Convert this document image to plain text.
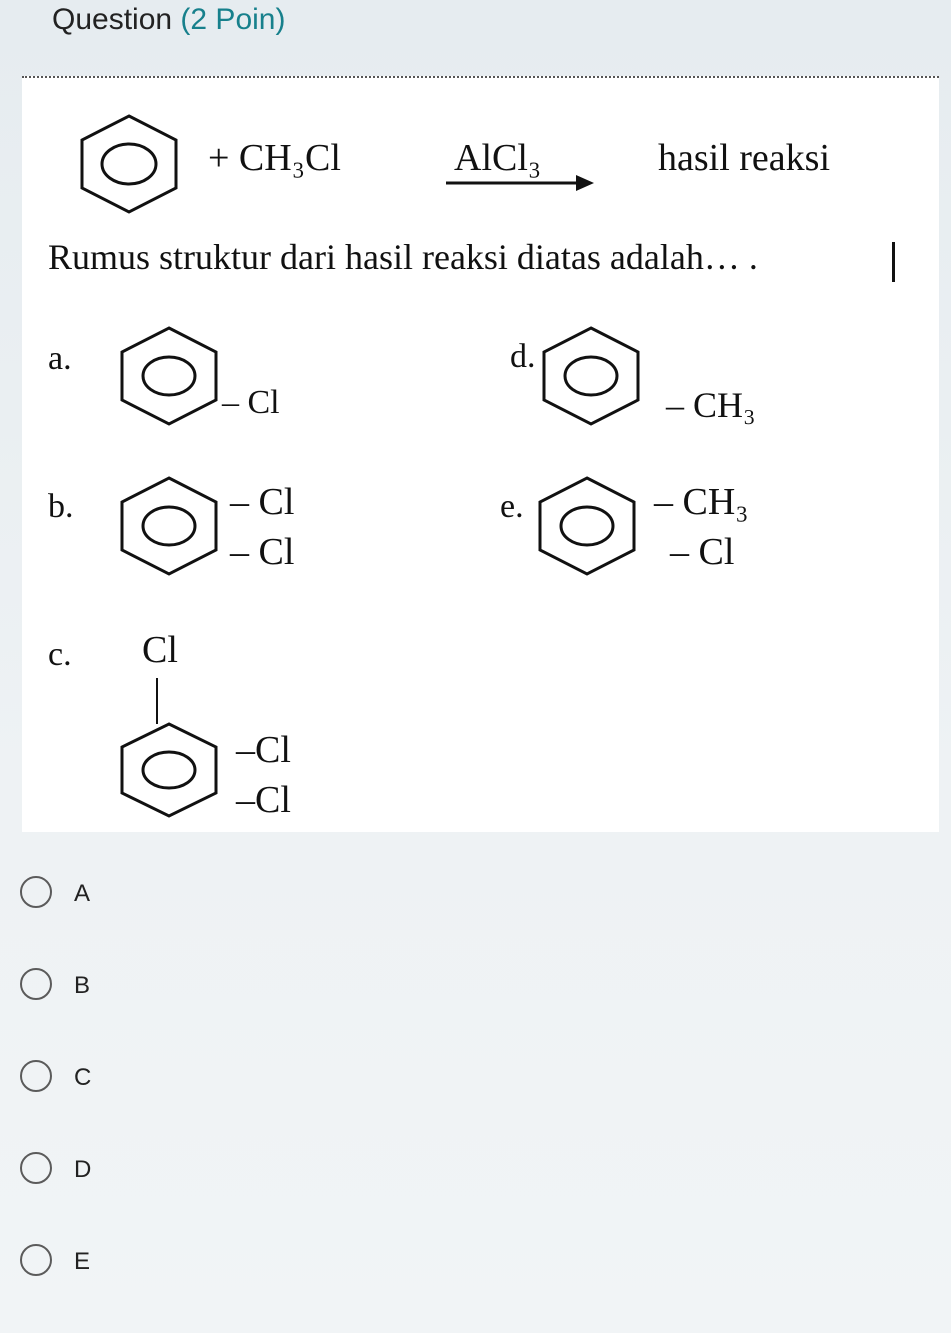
Question (2 Poin)
+ CH₃Cl	AlCl₃	hasil reaksi
Rumus struktur dari hasil reaksi diatas adalah… .
a.
– Cl
d.
– CH₃
b.	– Cl
– Cl
e.	– CH₃
– Cl
c. Cl
–Cl
–Cl
A
B
C
D
E
